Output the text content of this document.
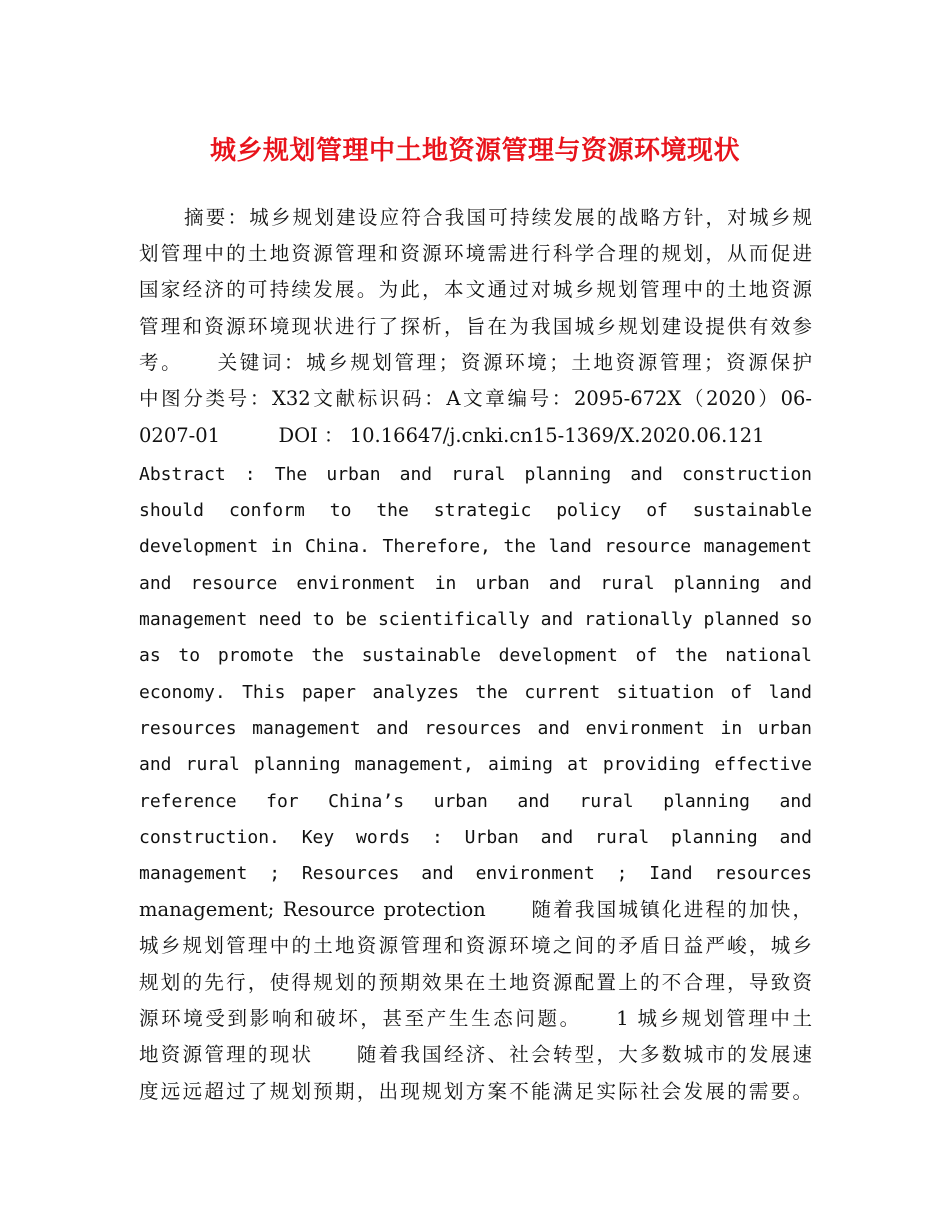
城乡规划管理中土地资源管理与资源环境现状
摘要：城乡规划建设应符合我国可持续发展的战略方针，对城乡规
划管理中的土地资源管理和资源环境需进行科学合理的规划，从而促进
国家经济的可持续发展。为此，本文通过对城乡规划管理中的土地资源
管理和资源环境现状进行了探析，旨在为我国城乡规划建设提供有效参
考。　　关键词：城乡规划管理；资源环境；土地资源管理；资源保护
中图分类号：X32文献标识码：A文章编号：2095-672X（2020）06-
0207-01　　　DOI ： 10.16647/j.cnki.cn15-1369/X.2020.06.121
Abstract : The urban and rural planning and construction
should conform to the strategic policy of sustainable
development in China. Therefore, the land resource management
and resource environment in urban and rural planning and
management need to be scientifically and rationally planned so
as to promote the sustainable development of the national
economy. This paper analyzes the current situation of land
resources management and resources and environment in urban
and rural planning management, aiming at providing effective
reference for China’s urban and rural planning and
construction. Key words : Urban and rural planning and
management ; Resources and environment ; Iand resources
management; Resource protection　　随着我国城镇化进程的加快，
城乡规划管理中的土地资源管理和资源环境之间的矛盾日益严峻，城乡
规划的先行，使得规划的预期效果在土地资源配置上的不合理，导致资
源环境受到影响和破坏，甚至产生生态问题。　　1 城乡规划管理中土
地资源管理的现状　　随着我国经济、社会转型，大多数城市的发展速
度远远超过了规划预期，出现规划方案不能满足实际社会发展的需要。
